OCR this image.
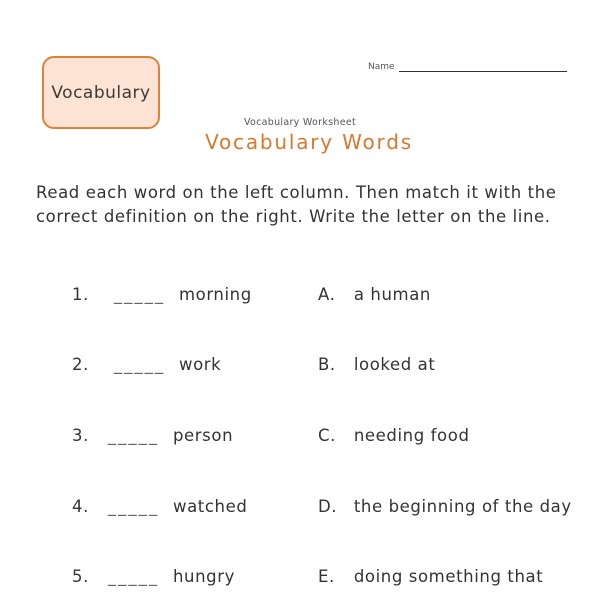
Vocabulary
Name
Vocabulary Worksheet
Vocabulary Words

Read each word on the left column. Then match it with the correct definition on the right. Write the letter on the line.

1. _____ morning
2. _____ work
3. _____ person
4. _____ watched
5. _____ hungry
A. a human
B. looked at
C. needing food
D. the beginning of the day
E. doing something that
